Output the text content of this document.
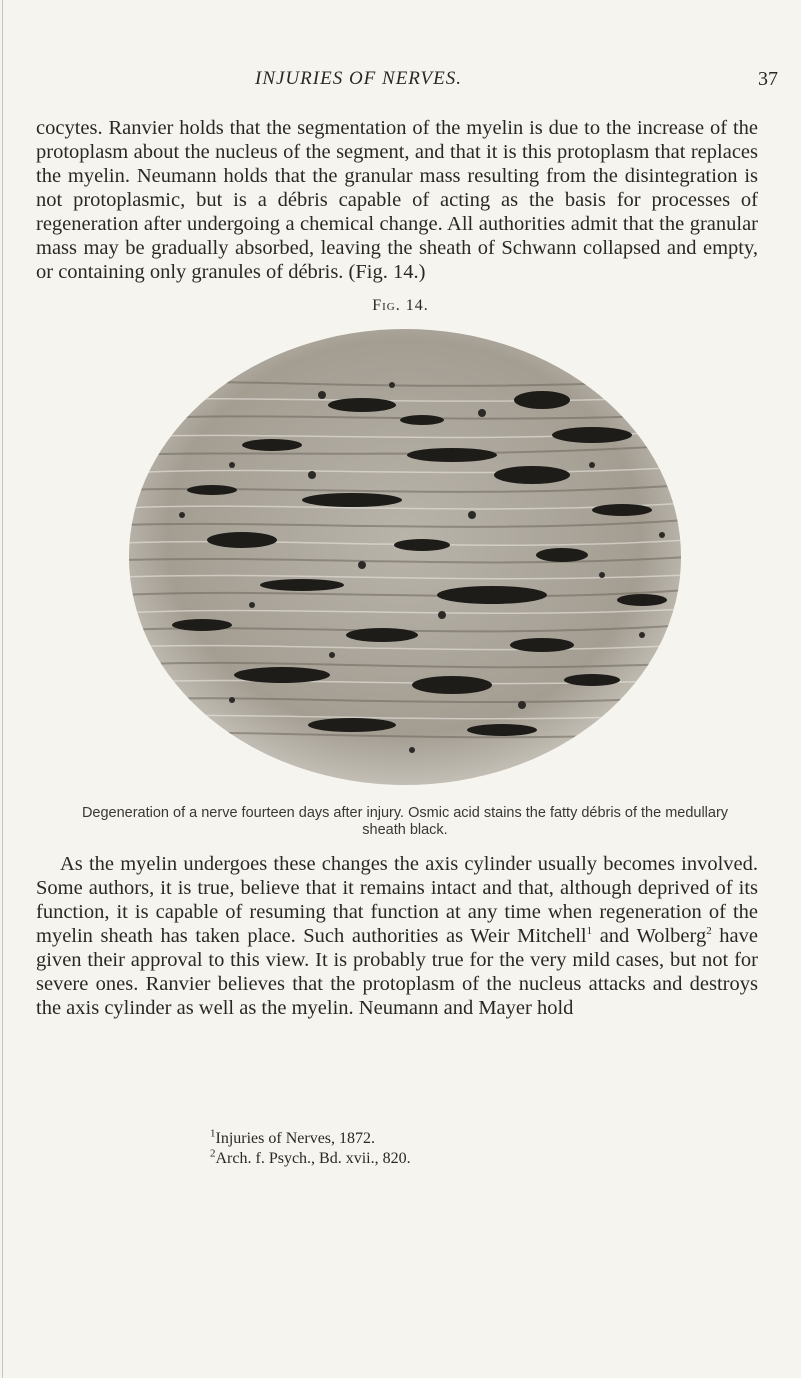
INJURIES OF NERVES.	37

cocytes. Ranvier holds that the segmentation of the myelin is due to the increase of the protoplasm about the nucleus of the segment, and that it is this protoplasm that replaces the myelin. Neumann holds that the granular mass resulting from the disintegration is not protoplasmic, but is a débris capable of acting as the basis for processes of regeneration after undergoing a chemical change. All authorities admit that the granular mass may be gradually absorbed, leaving the sheath of Schwann collapsed and empty, or containing only granules of débris. (Fig. 14.)

Fig. 14.
Degeneration of a nerve fourteen days after injury. Osmic acid stains the fatty débris of the medullary sheath black.

As the myelin undergoes these changes the axis cylinder usually becomes involved. Some authors, it is true, believe that it remains intact and that, although deprived of its function, it is capable of resuming that function at any time when regeneration of the myelin sheath has taken place. Such authorities as Weir Mitchell$^1$ and Wolberg$^2$ have given their approval to this view. It is probably true for the very mild cases, but not for severe ones. Ranvier believes that the protoplasm of the nucleus attacks and destroys the axis cylinder as well as the myelin. Neumann and Mayer hold

$^1$Injuries of Nerves, 1872.
$^2$Arch. f. Psych., Bd. xvii., 820.
